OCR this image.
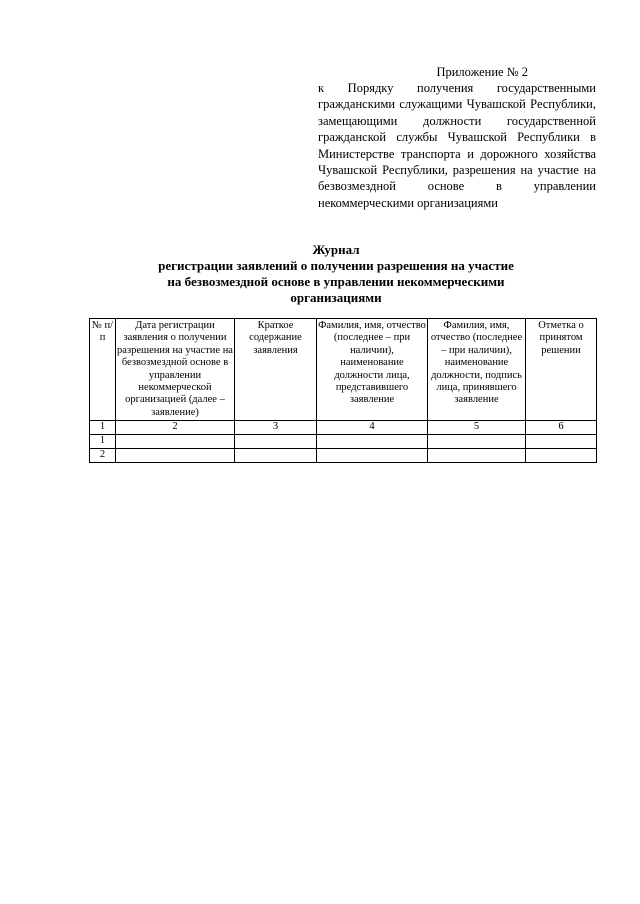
Приложение № 2
к Порядку получения государственными гражданскими служащими Чувашской Республики, замещающими должности государственной гражданской службы Чувашской Республики в Министерстве транспорта и дорожного хозяйства Чувашской Республики, разрешения на участие на безвозмездной основе в управлении некоммерческими организациями
Журнал
регистрации заявлений о получении разрешения на участие
на безвозмездной основе в управлении некоммерческими
организациями
№ п/п	Дата регистрации заявления о получении разрешения на участие на безвозмездной основе в управлении некоммерческой организацией (далее – заявление)	Краткое содержание заявления	Фамилия, имя, отчество (последнее – при наличии), наименование должности лица, представившего заявление	Фамилия, имя, отчество (последнее – при наличии), наименование должности, подпись лица, принявшего заявление	Отметка о принятом решении
1	2	3	4	5	6
1					
2					
